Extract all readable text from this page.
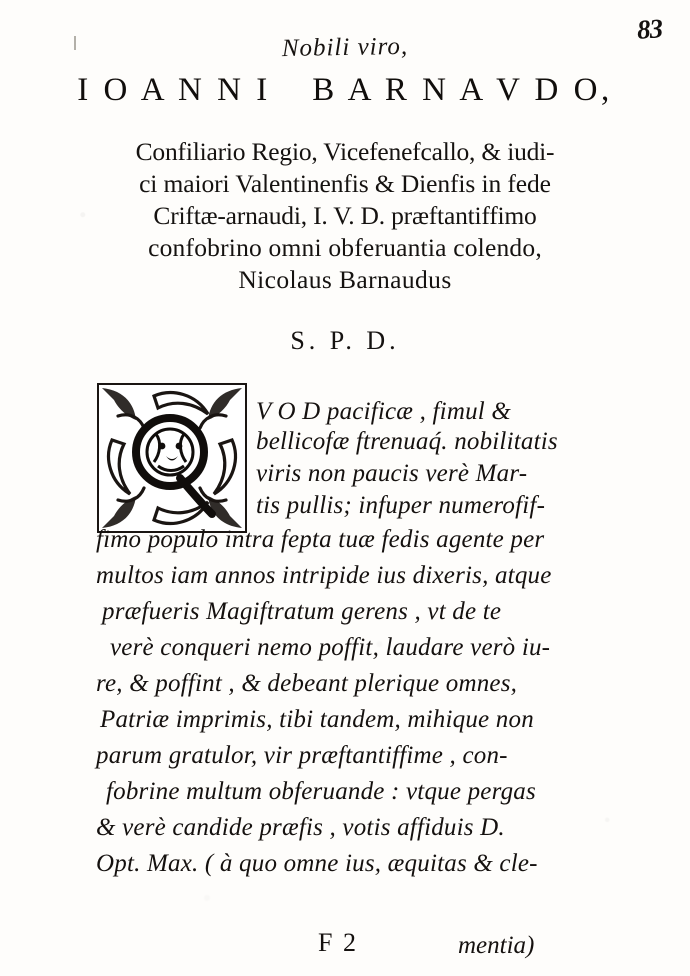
83
Nobili viro,
I O A N N I B A R N A V D O,
Confiliario Regio, Vicefenefcallo, & iudi-
ci maiori Valentinenfis & Dienfis in fede
Criftæ-arnaudi, I. V. D. præftantiffimo
confobrino omni obferuantia colendo,
Nicolaus Barnaudus
S. P. D.
V O D pacificæ , fimul &
bellicofæ ftrenuaq́. nobilitatis
viris non paucis verè Mar-
tis pullis; infuper numerofif-
fimo populo intra fepta tuæ fedis agente per
multos iam annos intripide ius dixeris, atque
præfueris Magiftratum gerens , vt de te
verè conqueri nemo poffit, laudare verò iu-
re, & poffint , & debeant plerique omnes,
Patriæ imprimis, tibi tandem, mihique non
parum gratulor, vir præftantiffime , con-
fobrine multum obferuande : vtque pergas
& verè candide præfis , votis affiduis D.
Opt. Max. ( à quo omne ius, æquitas & cle-
F 2	mentia)
